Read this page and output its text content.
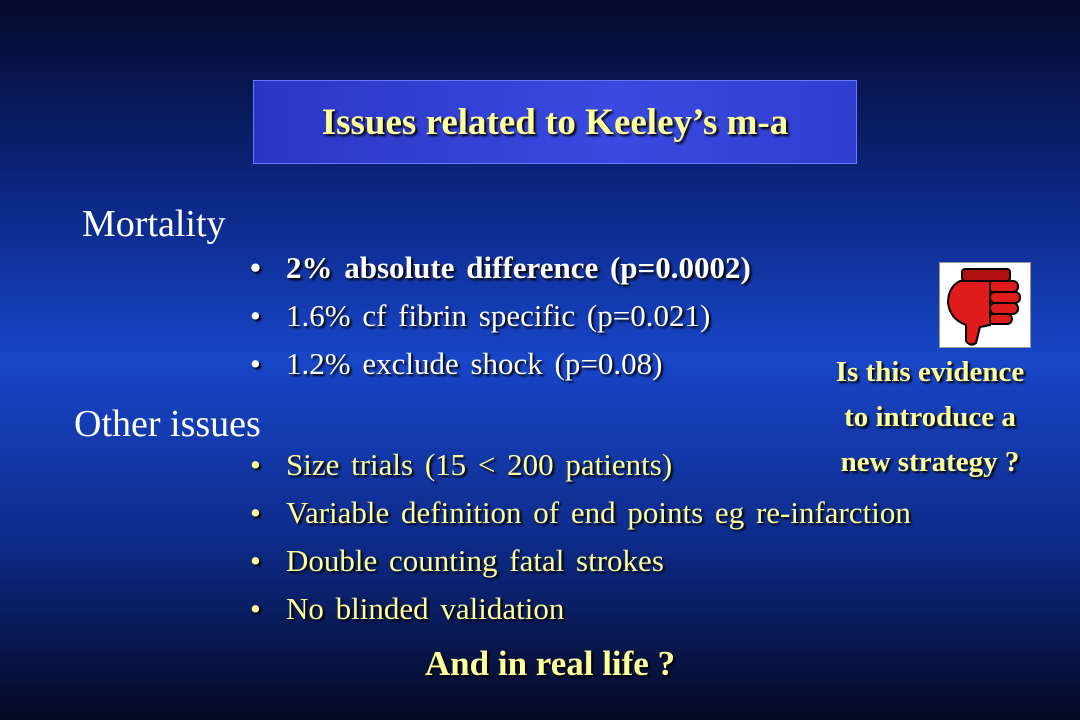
Issues related to Keeley’s m-a
Mortality
• 2% absolute difference (p=0.0002)
• 1.6% cf fibrin specific (p=0.021)
• 1.2% exclude shock (p=0.08)	Is this evidence
to introduce a
new strategy ?
Other issues
• Size trials (15 < 200 patients)
• Variable definition of end points eg re-infarction
• Double counting fatal strokes
• No blinded validation
And in real life ?
